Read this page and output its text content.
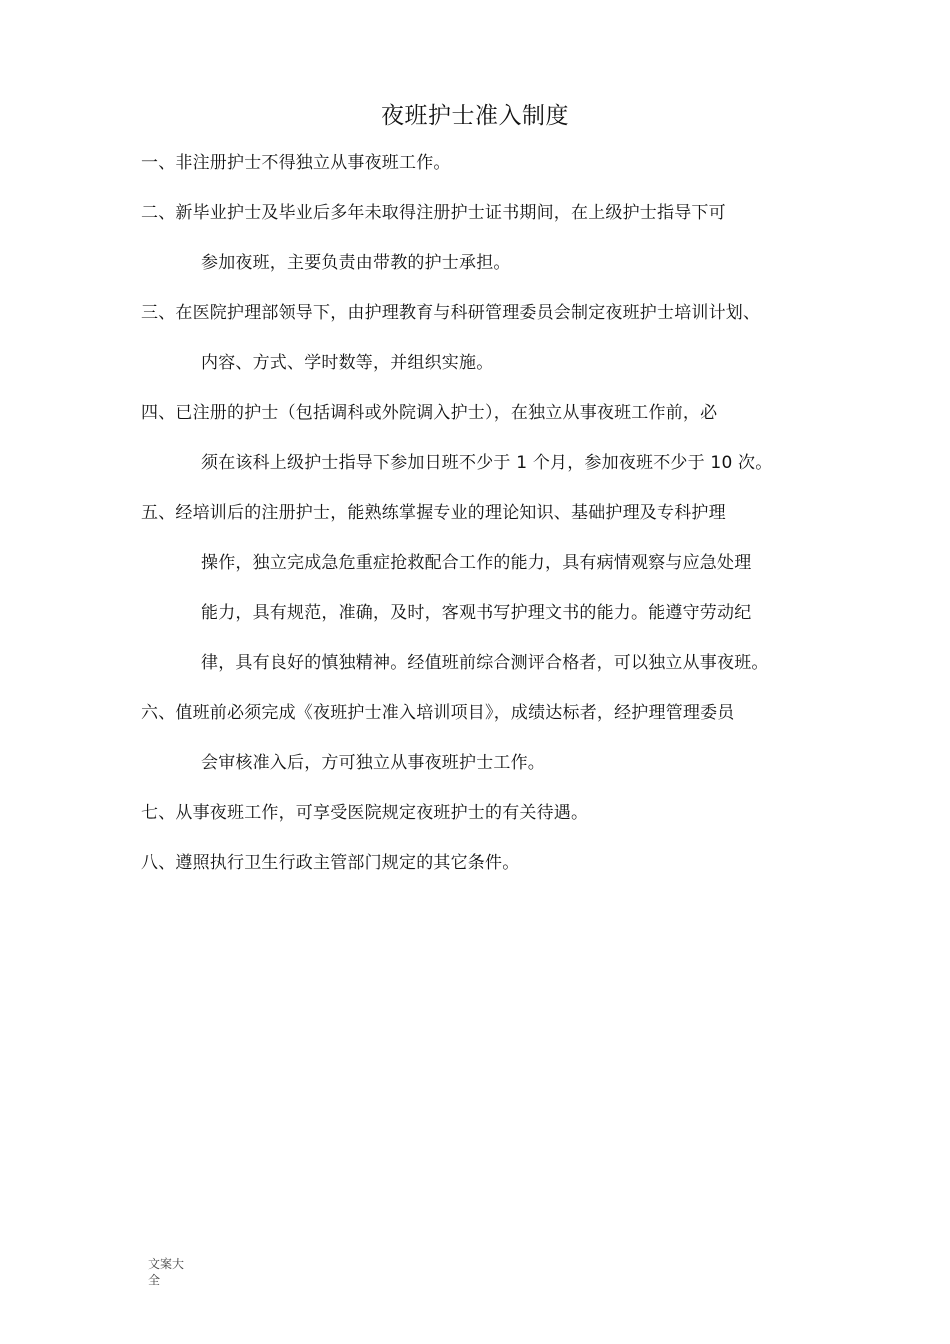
夜班护士准入制度
一、非注册护士不得独立从事夜班工作。
二、新毕业护士及毕业后多年未取得注册护士证书期间，在上级护士指导下可
参加夜班，主要负责由带教的护士承担。
三、在医院护理部领导下，由护理教育与科研管理委员会制定夜班护士培训计划、
内容、方式、学时数等，并组织实施。
四、已注册的护士（包括调科或外院调入护士），在独立从事夜班工作前，必
须在该科上级护士指导下参加日班不少于 1 个月，参加夜班不少于 10 次。
五、经培训后的注册护士，能熟练掌握专业的理论知识、基础护理及专科护理
操作，独立完成急危重症抢救配合工作的能力，具有病情观察与应急处理
能力，具有规范，准确，及时，客观书写护理文书的能力。能遵守劳动纪
律，具有良好的慎独精神。经值班前综合测评合格者，可以独立从事夜班。
六、值班前必须完成《夜班护士准入培训项目》，成绩达标者，经护理管理委员
会审核准入后，方可独立从事夜班护士工作。
七、从事夜班工作，可享受医院规定夜班护士的有关待遇。
八、遵照执行卫生行政主管部门规定的其它条件。
文案大
全
